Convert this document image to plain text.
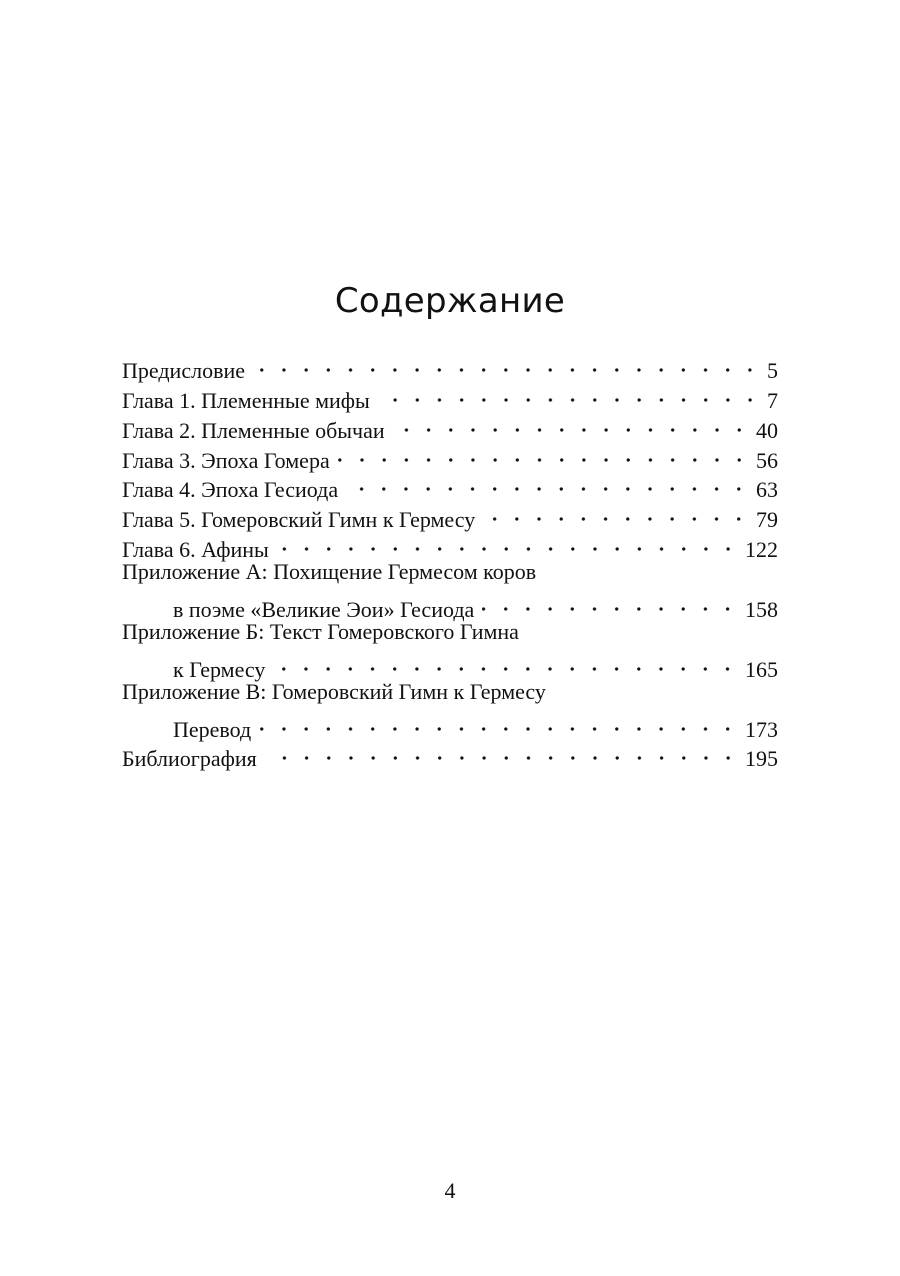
Содержание
Предисловие	5
Глава 1. Племенные мифы	7
Глава 2. Племенные обычаи	40
Глава 3. Эпоха Гомера	56
Глава 4. Эпоха Гесиода	63
Глава 5. Гомеровский Гимн к Гермесу	79
Глава 6. Афины	122
Приложение А: Похищение Гермесом коров
в поэме «Великие Эои» Гесиода	158
Приложение Б: Текст Гомеровского Гимна
к Гермесу	165
Приложение В: Гомеровский Гимн к Гермесу
Перевод	173
Библиография	195
4
